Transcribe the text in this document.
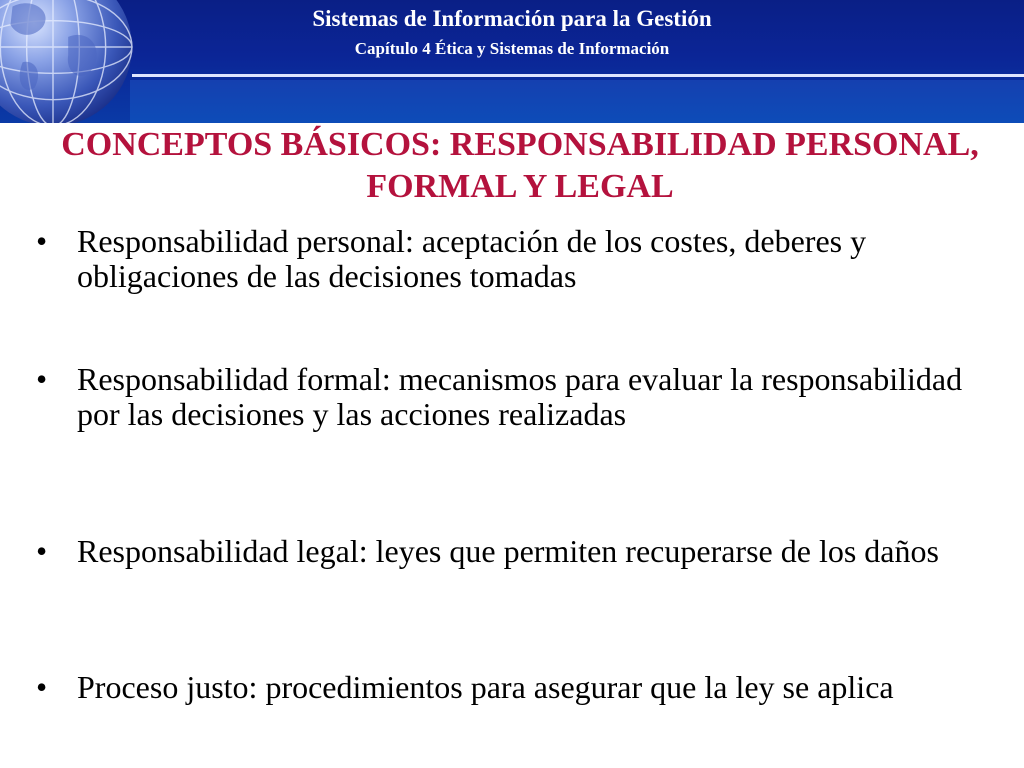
Sistemas de Información para la Gestión
Capítulo 4 Ética y Sistemas de Información
CONCEPTOS BÁSICOS: RESPONSABILIDAD PERSONAL, FORMAL Y LEGAL
• Responsabilidad personal: aceptación de los costes, deberes y obligaciones de las decisiones tomadas
• Responsabilidad formal: mecanismos para evaluar la responsabilidad por las decisiones y las acciones realizadas
• Responsabilidad legal: leyes que permiten recuperarse de los daños
• Proceso justo: procedimientos para asegurar que la ley se aplica
